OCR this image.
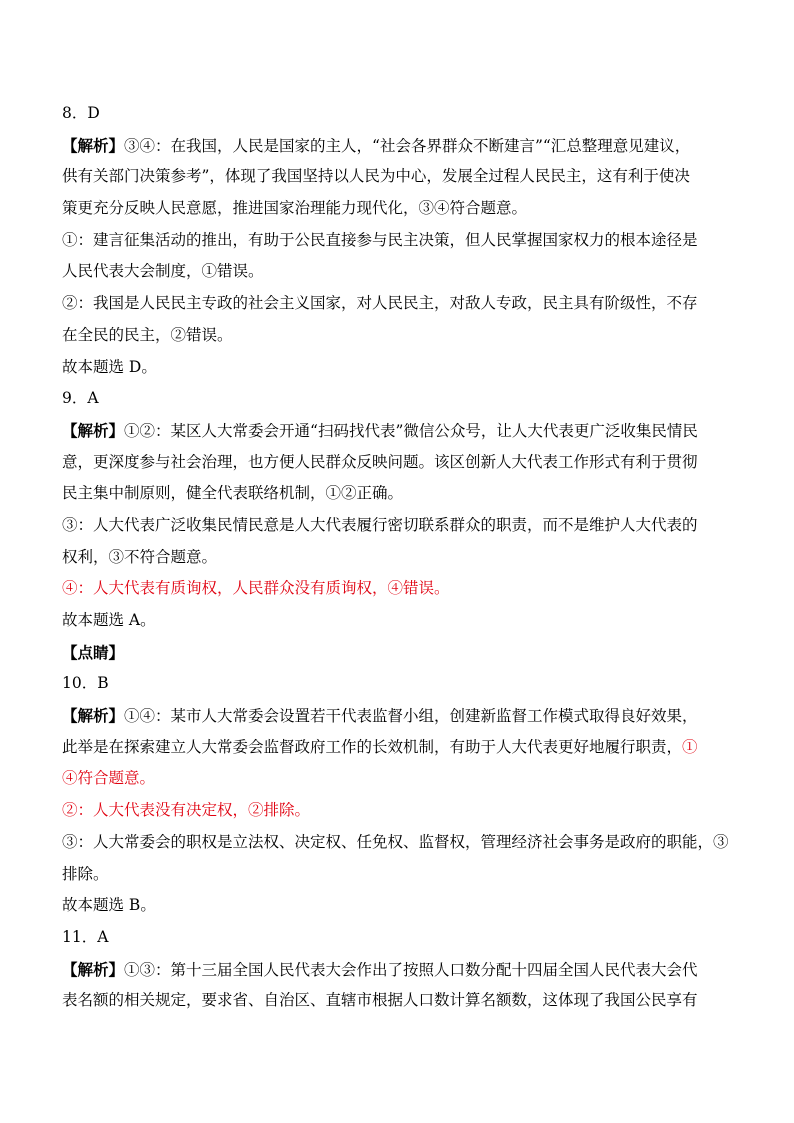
8．D
【解析】③④：在我国，人民是国家的主人，“社会各界群众不断建言”“汇总整理意见建议，
供有关部门决策参考”，体现了我国坚持以人民为中心，发展全过程人民民主，这有利于使决
策更充分反映人民意愿，推进国家治理能力现代化，③④符合题意。
①：建言征集活动的推出，有助于公民直接参与民主决策，但人民掌握国家权力的根本途径是
人民代表大会制度，①错误。
②：我国是人民民主专政的社会主义国家，对人民民主，对敌人专政，民主具有阶级性，不存
在全民的民主，②错误。
故本题选 D。
9．A
【解析】①②：某区人大常委会开通“扫码找代表”微信公众号，让人大代表更广泛收集民情民
意，更深度参与社会治理，也方便人民群众反映问题。该区创新人大代表工作形式有利于贯彻
民主集中制原则，健全代表联络机制，①②正确。
③：人大代表广泛收集民情民意是人大代表履行密切联系群众的职责，而不是维护人大代表的
权利，③不符合题意。
④：人大代表有质询权，人民群众没有质询权，④错误。
故本题选 A。
【点睛】
10．B
【解析】①④：某市人大常委会设置若干代表监督小组，创建新监督工作模式取得良好效果，
此举是在探索建立人大常委会监督政府工作的长效机制，有助于人大代表更好地履行职责，①
④符合题意。
②：人大代表没有决定权，②排除。
③：人大常委会的职权是立法权、决定权、任免权、监督权，管理经济社会事务是政府的职能，③
排除。
故本题选 B。
11．A
【解析】①③：第十三届全国人民代表大会作出了按照人口数分配十四届全国人民代表大会代
表名额的相关规定，要求省、自治区、直辖市根据人口数计算名额数，这体现了我国公民享有
